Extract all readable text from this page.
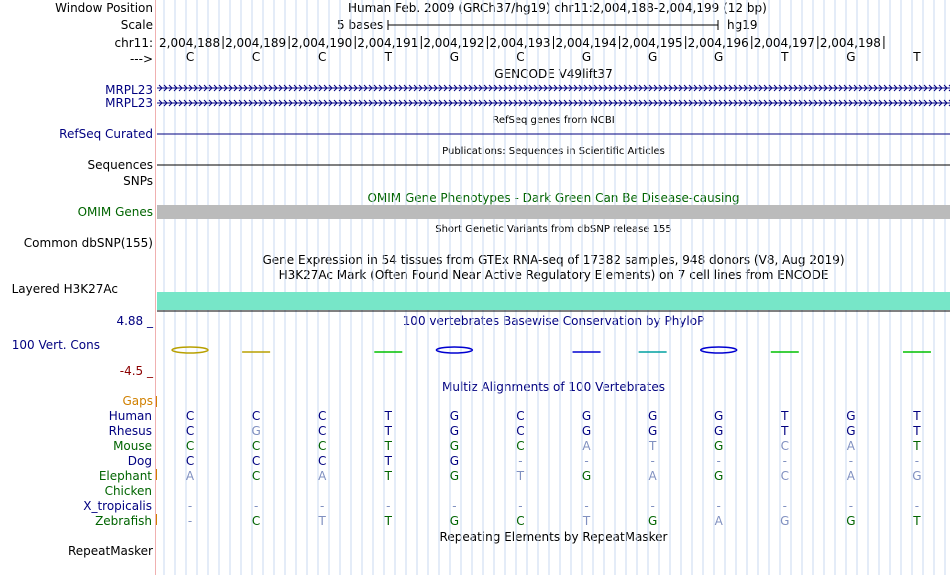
Window Position
Scale
chr11:
--->
MRPL23
MRPL23
RefSeq Curated
Sequences
SNPs
OMIM Genes
Common dbSNP(155)
Layered H3K27Ac
4.88 _
100 Vert. Cons
-4.5 _
Gaps
RepeatMasker
Human Feb. 2009 (GRCh37/hg19) chr11:2,004,188-2,004,199 (12 bp)
5 bases	hg19
GENCODE V49lift37
RefSeq genes from NCBI
Publications: Sequences in Scientific Articles
OMIM Gene Phenotypes - Dark Green Can Be Disease-causing
Short Genetic Variants from dbSNP release 155
Gene Expression in 54 tissues from GTEx RNA-seq of 17382 samples, 948 donors (V8, Aug 2019)
H3K27Ac Mark (Often Found Near Active Regulatory Elements) on 7 cell lines from ENCODE
100 vertebrates Basewise Conservation by PhyloP
Multiz Alignments of 100 Vertebrates
Repeating Elements by RepeatMasker
2,004,188 2,004,189 2,004,190 2,004,191 2,004,192 2,004,193 2,004,194 2,004,195 2,004,196 2,004,197 2,004,198
C	C	C	T	G	C	G	G	G	T	G	T
Human	C	C	C	T	G	C	G	G	G	T	G	T
Rhesus	C	G	C	T	G	C	G	G	G	T	G	T
Mouse	C	C	C	T	G	C	A	T	G	C	A	T
Dog	C	C	C	T	G	-	-	-	-	-	-	-
Elephant	A	C	A	T	G	T	G	A	G	C	A	G
Chicken
X_tropicalis	-	-	-	-	-	-	-	-	-	-	-	-
Zebrafish	-	C	T	T	G	C	T	G	A	G	G	T
